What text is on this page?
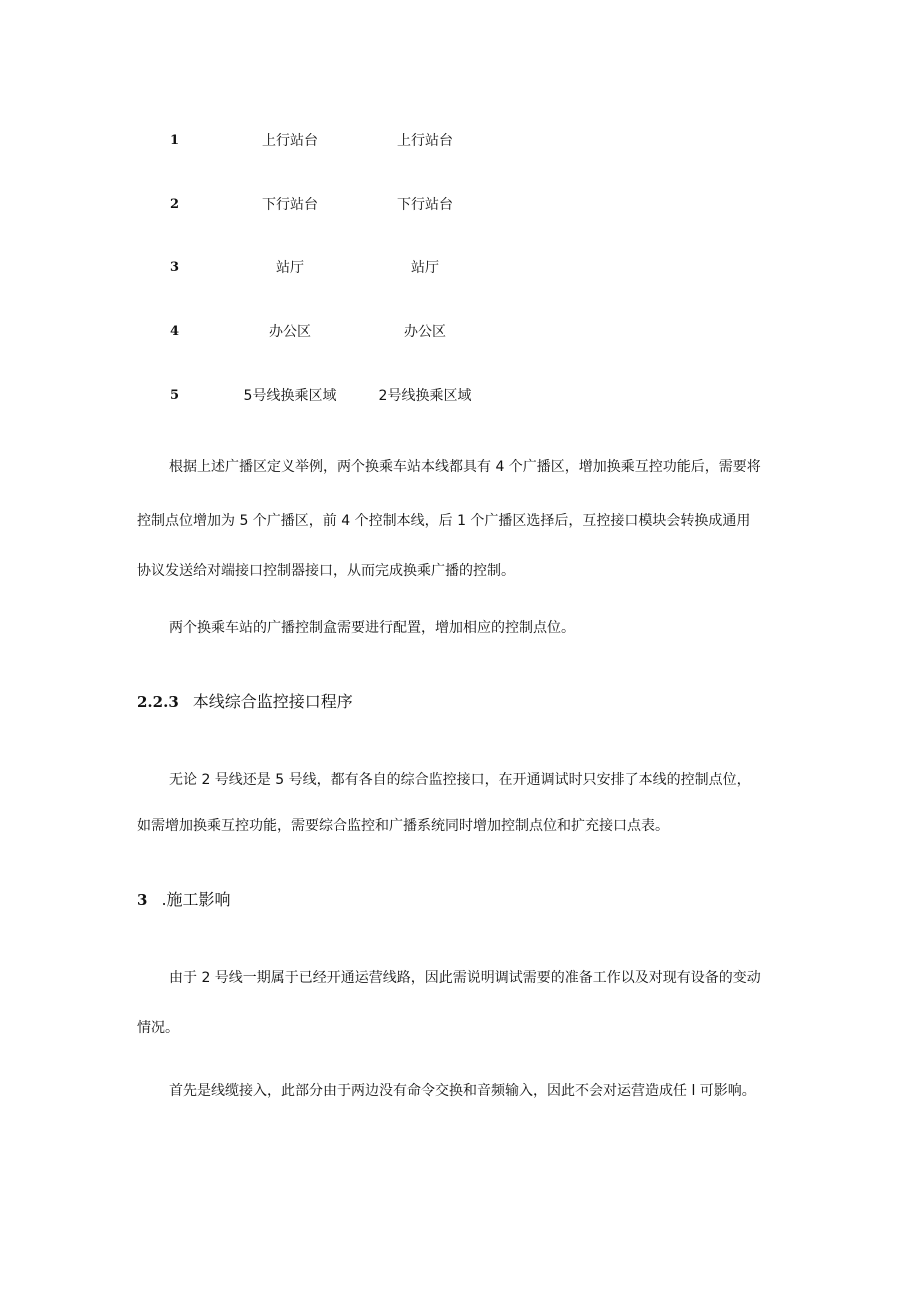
1	上行站台	上行站台
2	下行站台	下行站台
3	站厅	站厅
4	办公区	办公区
5	5号线换乘区域	2号线换乘区域
根据上述广播区定义举例，两个换乘车站本线都具有 4 个广播区，增加换乘互控功能后，需要将
控制点位增加为 5 个广播区，前 4 个控制本线，后 1 个广播区选择后，互控接口模块会转换成通用
协议发送给对端接口控制器接口，从而完成换乘广播的控制。
两个换乘车站的广播控制盒需要进行配置，增加相应的控制点位。
2.2.3 本线综合监控接口程序
无论 2 号线还是 5 号线，都有各自的综合监控接口，在开通调试时只安排了本线的控制点位，
如需增加换乘互控功能，需要综合监控和广播系统同时增加控制点位和扩充接口点表。
3 .施工影响
由于 2 号线一期属于已经开通运营线路，因此需说明调试需要的准备工作以及对现有设备的变动
情况。
首先是线缆接入，此部分由于两边没有命令交换和音频输入，因此不会对运营造成任 l 可影响。
